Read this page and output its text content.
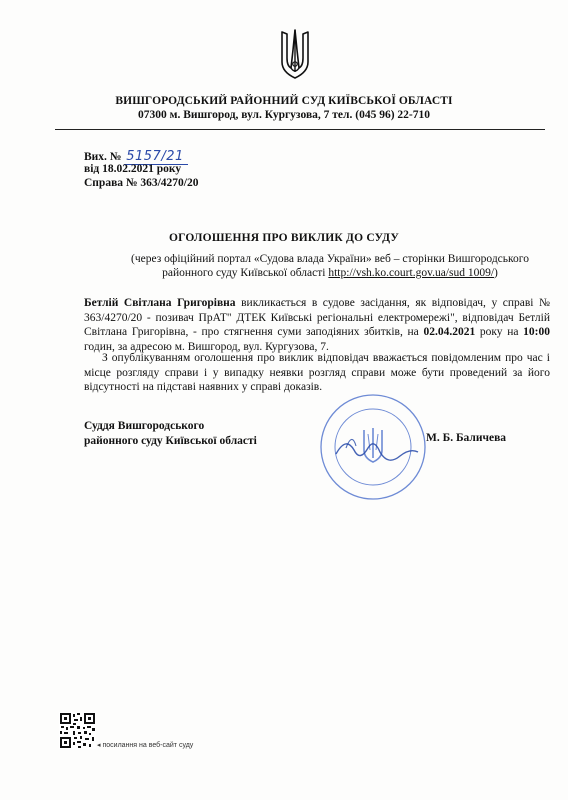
ВИШГОРОДСЬКИЙ РАЙОННИЙ СУД КИЇВСЬКОЇ ОБЛАСТІ
07300 м. Вишгород, вул. Кургузова, 7 тел. (045 96) 22-710
Вих. № 5157/21
від 18.02.2021 року
Справа № 363/4270/20
ОГОЛОШЕННЯ ПРО ВИКЛИК ДО СУДУ
(через офіційний портал «Судова влада України» веб – сторінки Вишгородського районного суду Київської області http://vsh.ko.court.gov.ua/sud 1009/)
Бетлій Світлана Григорівна викликається в судове засідання, як відповідач, у справі № 363/4270/20 - позивач ПрАТ" ДТЕК Київські регіональні електромережі", відповідач Бетлій Світлана Григорівна, - про стягнення суми заподіяних збитків, на 02.04.2021 року на 10:00 годин, за адресою м. Вишгород, вул. Кургузова, 7.
З опублікуванням оголошення про виклик відповідач вважається повідомленим про час і місце розгляду справи і у випадку неявки розгляд справи може бути проведений за його відсутності на підставі наявних у справі доказів.
Суддя Вишгородського
районного суду Київської області	М. Б. Баличева
◂ посилання на веб-сайт суду
